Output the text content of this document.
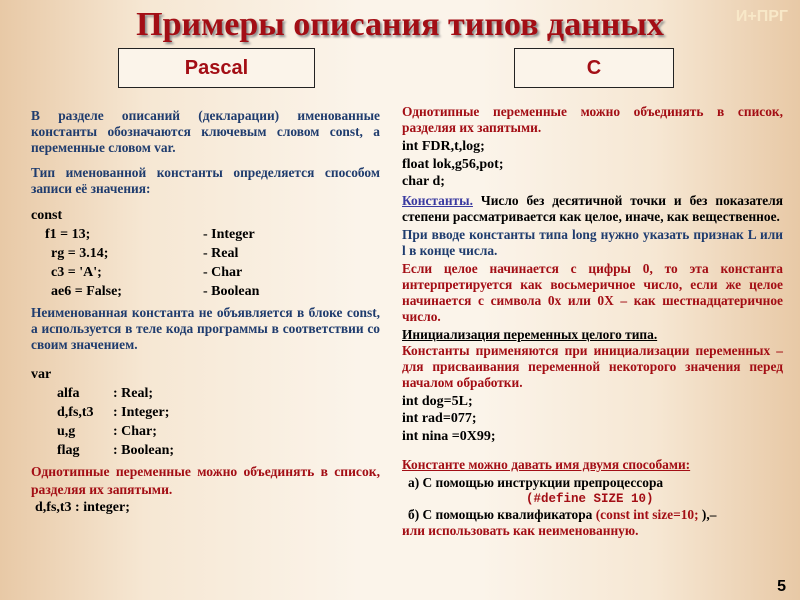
Примеры описания типов данных	И+ПРГ
Pascal	C
В разделе описаний (декларации) именованные константы обозначаются ключевым словом const, а переменные словом var.
Тип именованной константы определяется способом записи её значения:
const
f1 = 13;	- Integer
rg = 3.14;	- Real
c3 = 'A';	- Char
ae6 = False;	- Boolean
Неименованная константа не объявляется в блоке const, а используется в теле кода программы в соответствии со своим значением.
var
alfa	: Real;
d,fs,t3	: Integer;
u,g	: Char;
flag	: Boolean;
Однотипные переменные можно объединять в список, разделяя их запятыми.
d,fs,t3 : integer;
Однотипные переменные можно объединять в список, разделяя их запятыми.
int FDR,t,log;
float lok,g56,pot;
char d;
Константы. Число без десятичной точки и без показателя степени рассматривается как целое, иначе, как вещественное.
При вводе константы типа long нужно указать признак L или l в конце числа.
Если целое начинается с цифры 0, то эта константа интерпретируется как восьмеричное число, если же целое начинается с символа 0x или 0X – как шестнадцатеричное число.
Инициализация переменных целого типа.
Константы применяются при инициализации переменных – для присваивания переменной некоторого значения перед началом обработки.
int dog=5L;
int rad=077;
int nina =0X99;
Константе можно давать имя двумя способами:
а) С помощью инструкции препроцессора
(#define SIZE 10)
б) С помощью квалификатора (const int size=10; ),–
или использовать как неименованную.
5
